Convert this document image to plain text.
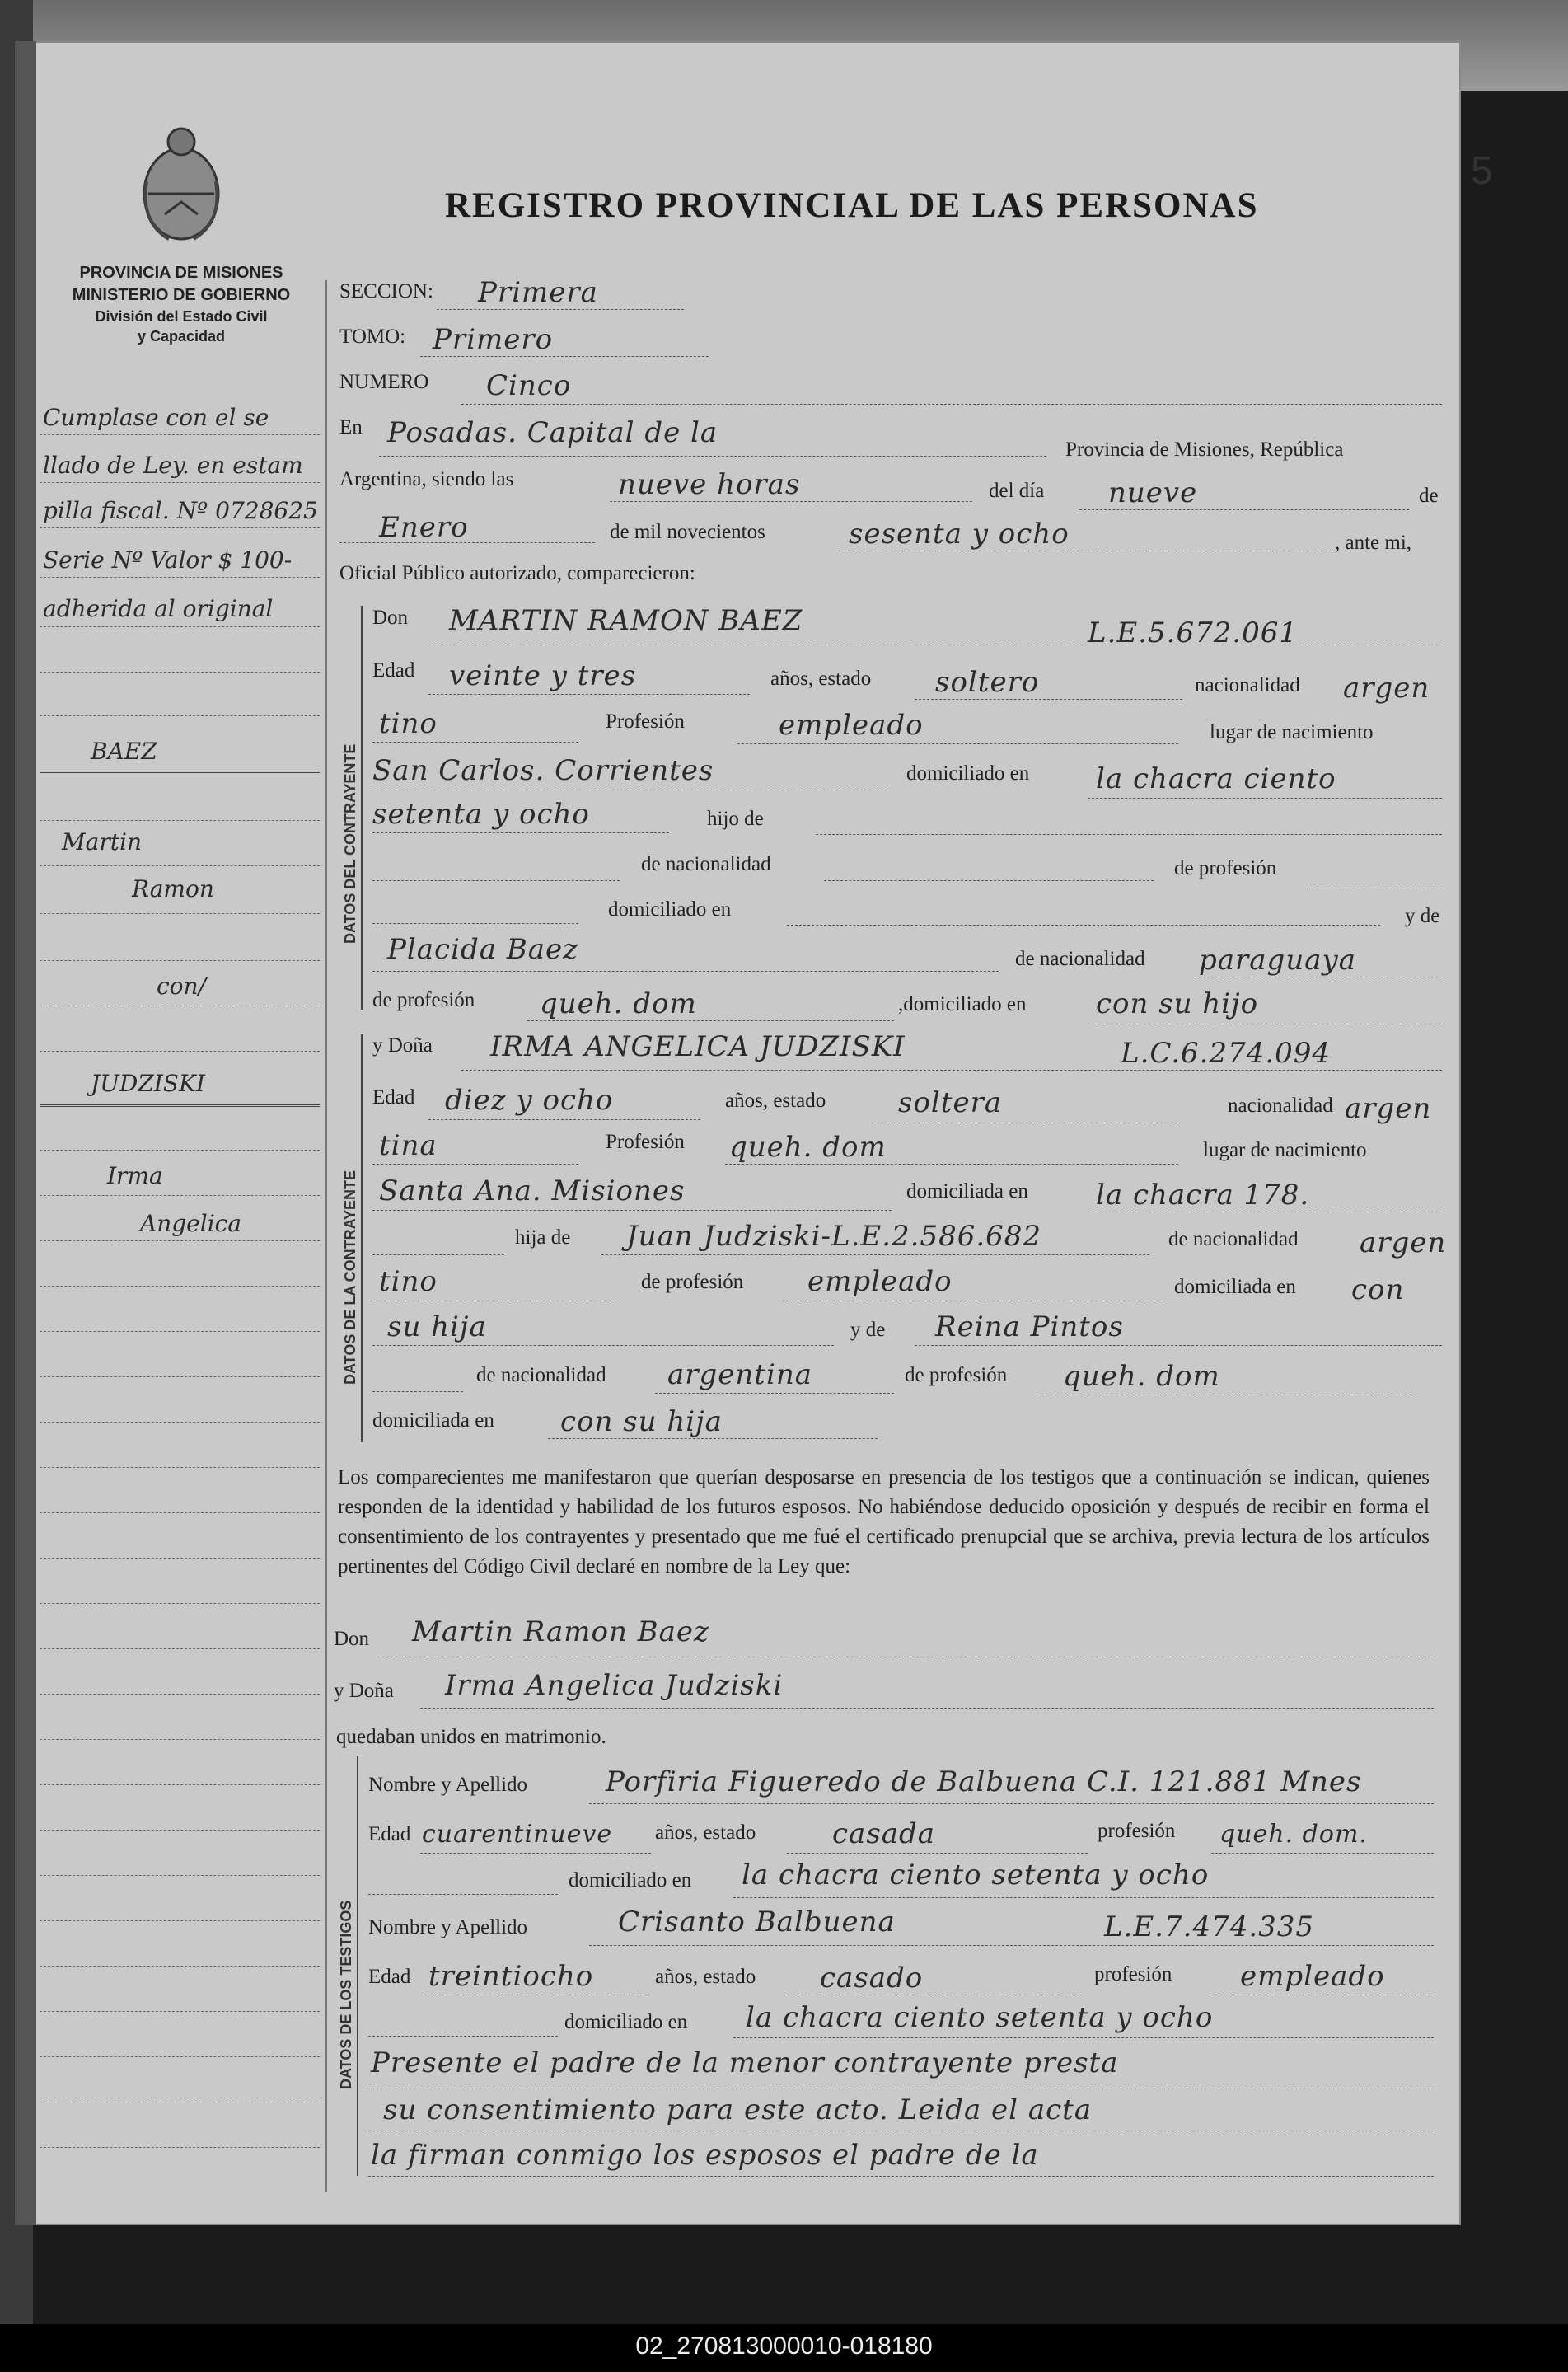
5
PROVINCIA DE MISIONES
MINISTERIO DE GOBIERNO
División del Estado Civil
y Capacidad
REGISTRO PROVINCIAL DE LAS PERSONAS
SECCION: Primera
TOMO: Primero
NUMERO Cinco
En Posadas. Capital de la
Provincia de Misiones, República
Argentina, siendo las	nueve horas	del día nueve	de
Enero	de mil novecientos	sesenta y ocho	, ante mi,
Oficial Público autorizado, comparecieron:
DATOS DEL CONTRAYENTE
Don MARTIN RAMON BAEZ	L.E.5.672.061
Edad veinte y tres	años, estado soltero	nacionalidad argen
tino	Profesión	empleado	lugar de nacimiento
San Carlos. Corrientes	domiciliado en la chacra ciento
setenta y ocho	hijo de
de nacionalidad	de profesión
domiciliado en	y de
Placida Baez	de nacionalidad paraguaya
de profesión queh. dom	,domiciliado en con su hijo
DATOS DE LA CONTRAYENTE
y Doña IRMA ANGELICA JUDZISKI	L.C.6.274.094
Edad diez y ocho	años, estado	soltera	nacionalidad argen
tina	Profesión queh. dom	lugar de nacimiento
Santa Ana. Misiones	domiciliada en la chacra 178.
hija de Juan Judziski-L.E.2.586.682	de nacionalidad argen
tino	de profesión empleado	domiciliada en con
su hija	y de Reina Pintos
de nacionalidad argentina	de profesión queh. dom
domiciliada en con su hija
Los comparecientes me manifestaron que querían desposarse en presencia de los testigos que a continuación se indican, quienes responden de la identidad y habilidad de los futuros esposos. No habiéndose deducido oposición y después de recibir en forma el consentimiento de los contrayentes y presentado que me fué el certificado prenupcial que se archiva, previa lectura de los artículos pertinentes del Código Civil declaré en nombre de la Ley que:
Don Martin Ramon Baez
y Doña Irma Angelica Judziski
quedaban unidos en matrimonio.
DATOS DE LOS TESTIGOS
Nombre y Apellido	Porfiria Figueredo de Balbuena C.I. 121.881 Mnes
Edad cuarentinueve años, estado	casada	profesión queh. dom.
domiciliado en la chacra ciento setenta y ocho
Nombre y Apellido	Crisanto Balbuena	L.E.7.474.335
Edad treintiocho	años, estado casado	profesión empleado
domiciliado en la chacra ciento setenta y ocho
Presente el padre de la menor contrayente presta
su consentimiento para este acto. Leida el acta
la firman conmigo los esposos el padre de la
Cumplase con el se
llado de Ley. en estam
pilla fiscal. Nº 0728625
Serie Nº Valor $ 100-
adherida al original
BAEZ
Martin
Ramon
con/
JUDZISKI
Irma
Angelica
02_270813000010-018180
